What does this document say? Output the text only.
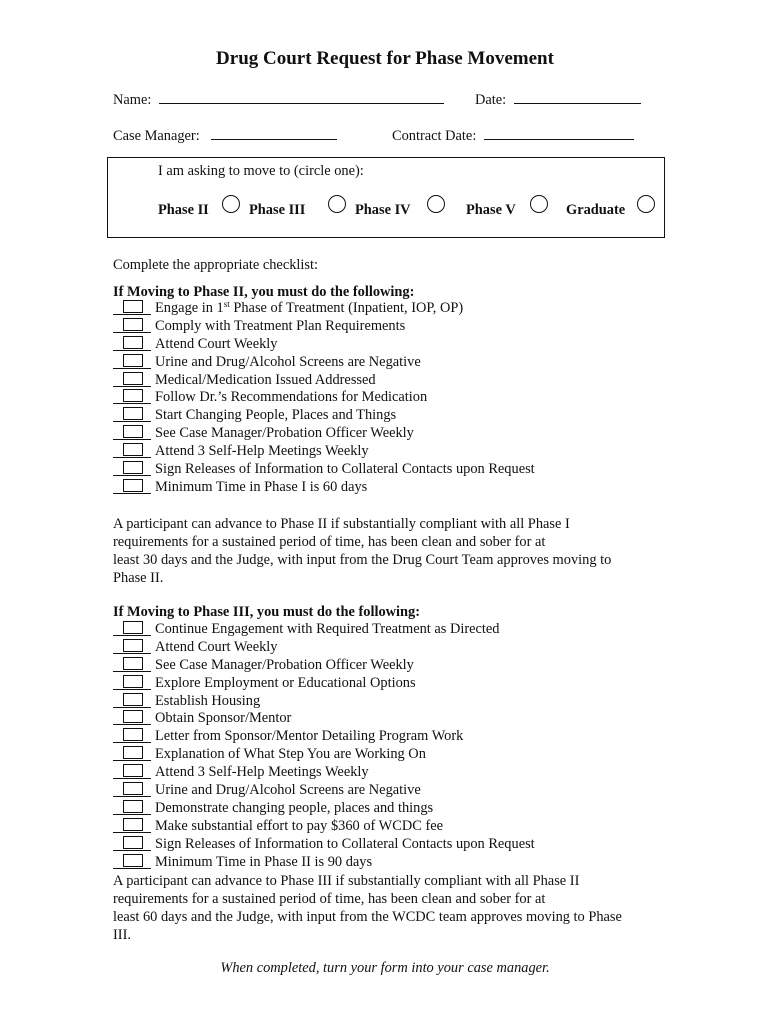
Drug Court Request for Phase Movement
Name:	Date:
Case Manager:	Contract Date:
I am asking to move to (circle one):
Phase II	Phase III	Phase IV	Phase V	Graduate
Complete the appropriate checklist:
If Moving to Phase II, you must do the following:
Engage in 1st Phase of Treatment (Inpatient, IOP, OP)
Comply with Treatment Plan Requirements
Attend Court Weekly
Urine and Drug/Alcohol Screens are Negative
Medical/Medication Issued Addressed
Follow Dr.’s Recommendations for Medication
Start Changing People, Places and Things
See Case Manager/Probation Officer Weekly
Attend 3 Self-Help Meetings Weekly
Sign Releases of Information to Collateral Contacts upon Request
Minimum Time in Phase I is 60 days
A participant can advance to Phase II if substantially compliant with all Phase I
requirements for a sustained period of time, has been clean and sober for at
least 30 days and the Judge, with input from the Drug Court Team approves moving to
Phase II.
If Moving to Phase III, you must do the following:
Continue Engagement with Required Treatment as Directed
Attend Court Weekly
See Case Manager/Probation Officer Weekly
Explore Employment or Educational Options
Establish Housing
Obtain Sponsor/Mentor
Letter from Sponsor/Mentor Detailing Program Work
Explanation of What Step You are Working On
Attend 3 Self-Help Meetings Weekly
Urine and Drug/Alcohol Screens are Negative
Demonstrate changing people, places and things
Make substantial effort to pay $360 of WCDC fee
Sign Releases of Information to Collateral Contacts upon Request
Minimum Time in Phase II is 90 days
A participant can advance to Phase III if substantially compliant with all Phase II
requirements for a sustained period of time, has been clean and sober for at
least 60 days and the Judge, with input from the WCDC team approves moving to Phase
III.
When completed, turn your form into your case manager.
